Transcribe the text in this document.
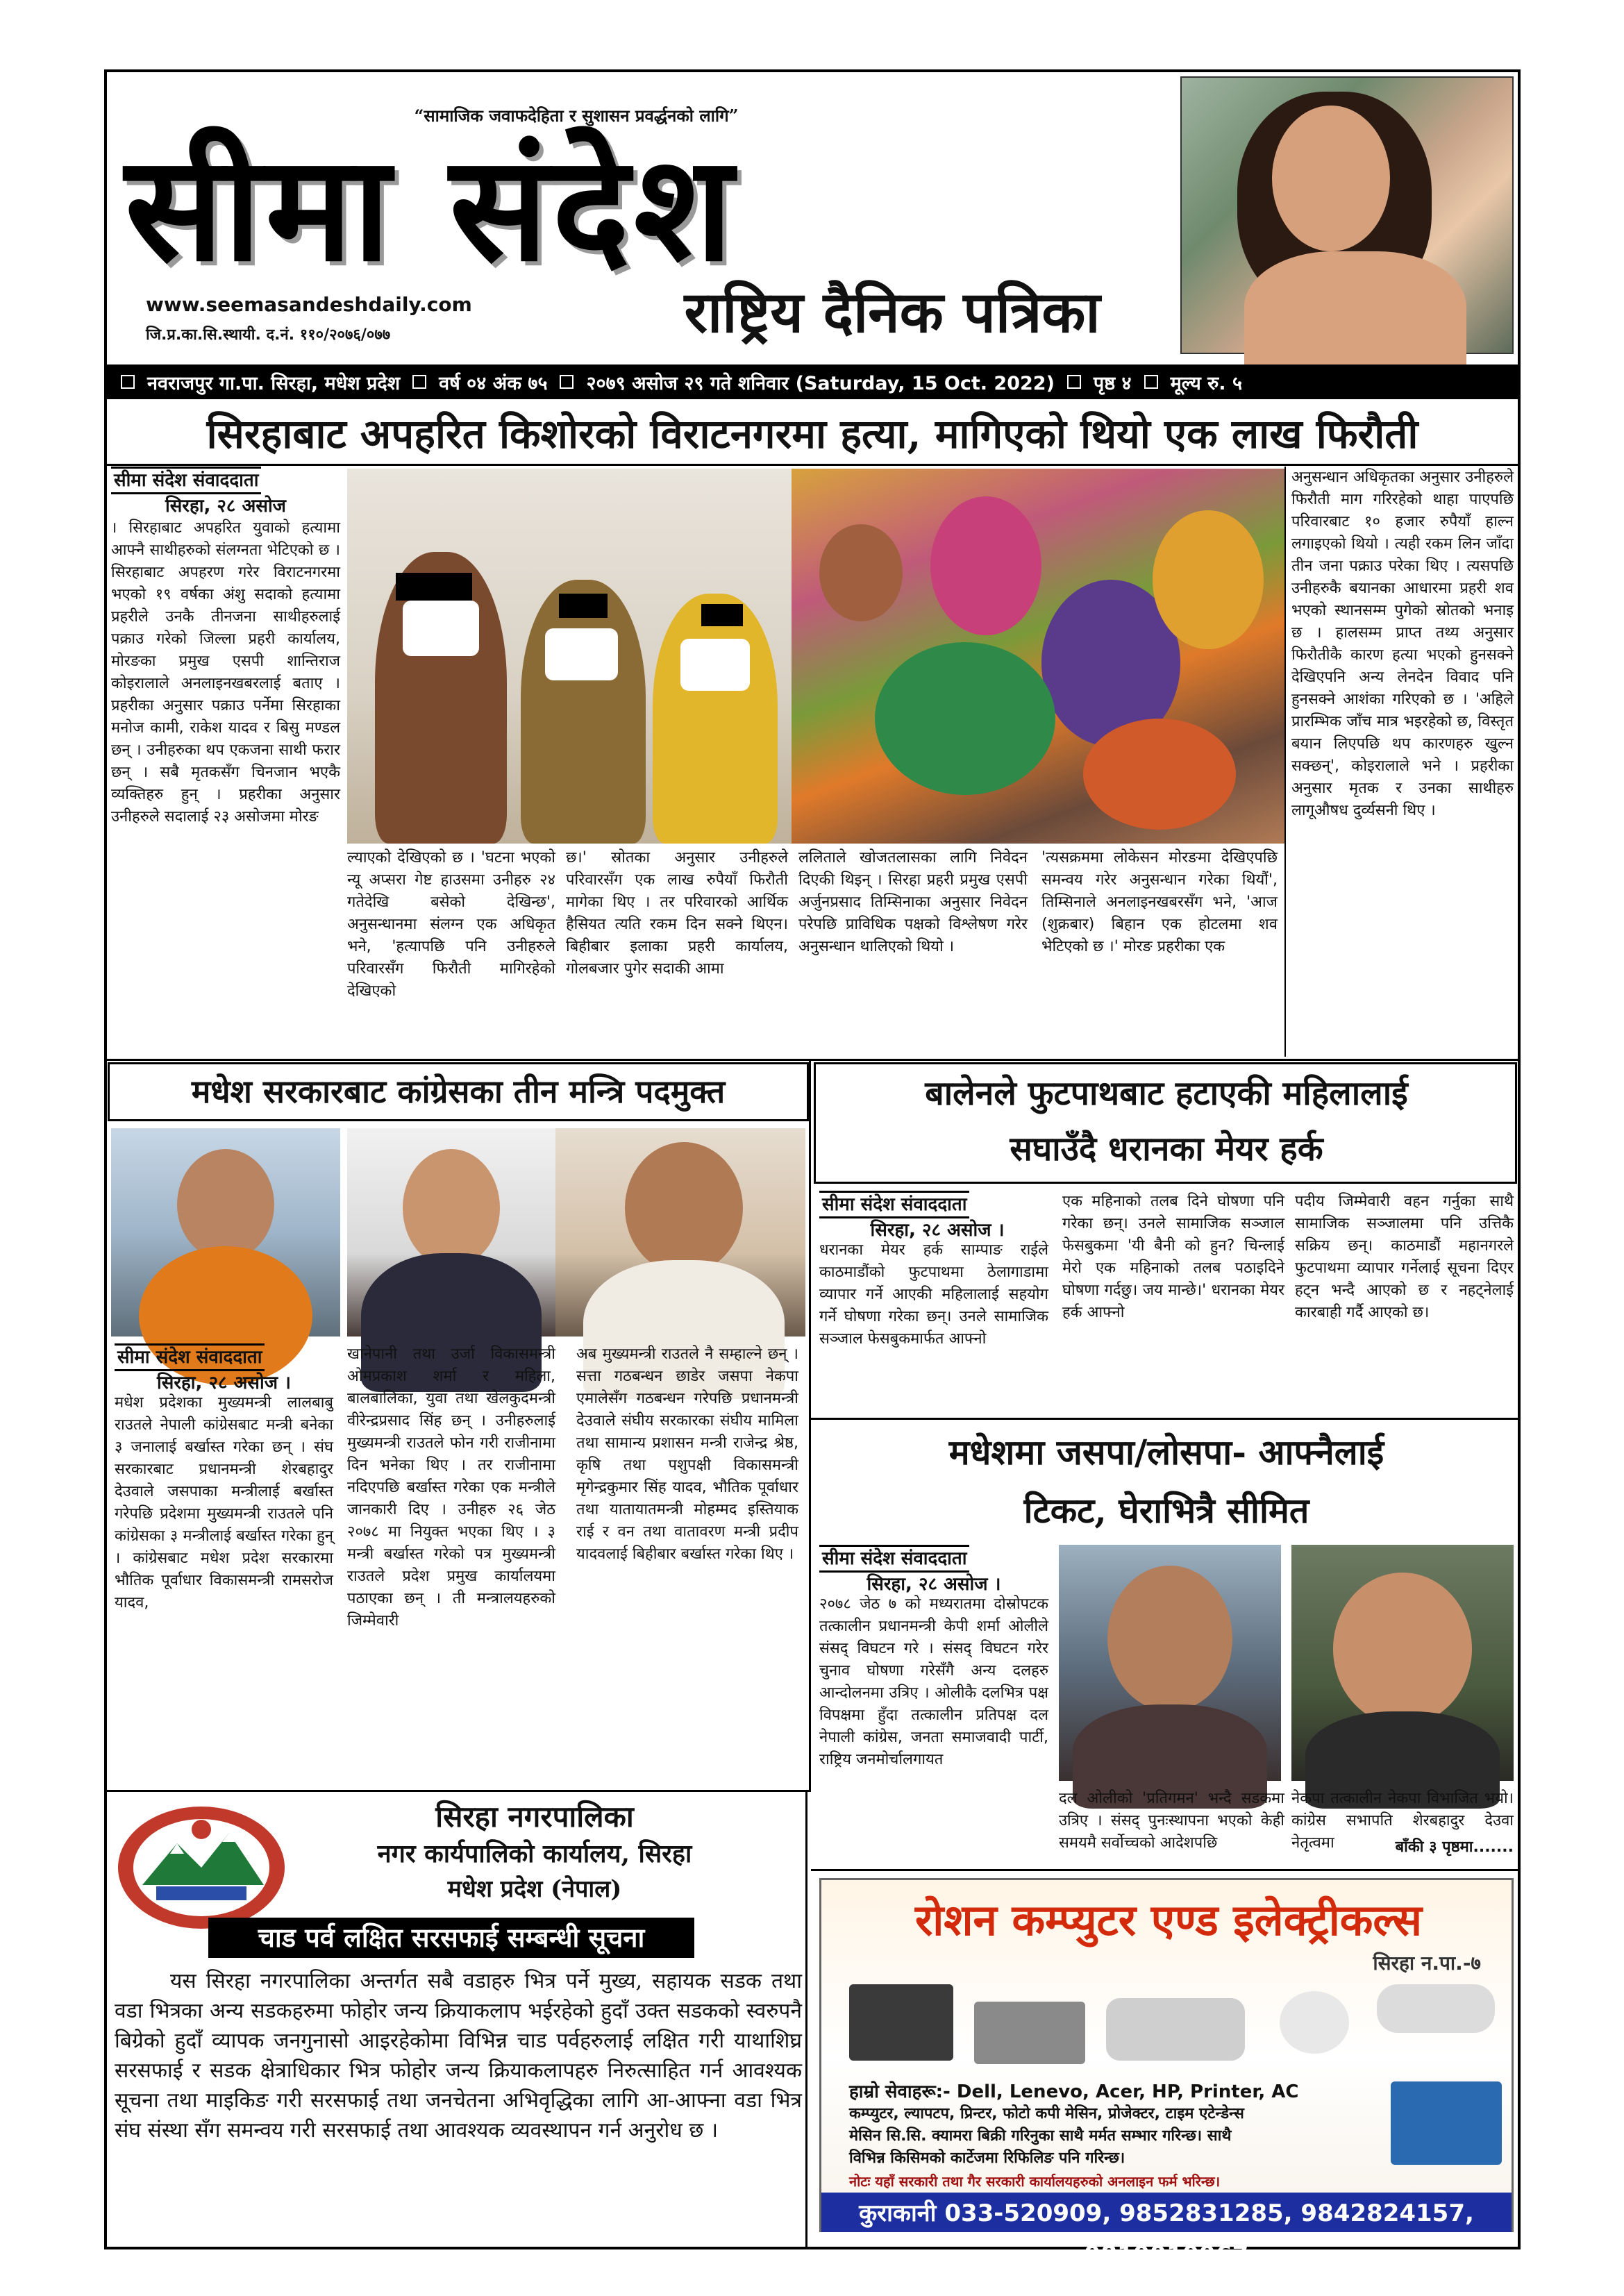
“सामाजिक जवाफदेहिता र सुशासन प्रवर्द्धनको लागि”
सीमा संदेश
www.seemasandeshdaily.com
जि.प्र.का.सि.स्थायी. द.नं. ११०/२०७६/०७७	राष्ट्रिय दैनिक पत्रिका
नवराजपुर गा.पा. सिरहा, मधेश प्रदेश वर्ष ०४ अंक ७५ २०७९ असोज २९ गते शनिवार (Saturday, 15 Oct. 2022) पृष्ठ ४ मूल्य रु. ५
सिरहाबाट अपहरित किशोरको विराटनगरमा हत्या, मागिएको थियो एक लाख फिरौती
सीमा संदेश संवाददाता
सिरहा, २८ असोज
। सिरहाबाट अपहरित युवाको हत्यामा आफ्नै साथीहरुको संलग्नता भेटिएको छ । सिरहाबाट अपहरण गरेर विराटनगरमा भएको १९ वर्षका अंशु सदाको हत्यामा प्रहरीले उनकै तीनजना साथीहरुलाई पक्राउ गरेको जिल्ला प्रहरी कार्यालय, मोरङका प्रमुख एसपी शान्तिराज कोइरालाले अनलाइनखबरलाई बताए । प्रहरीका अनुसार पक्राउ पर्नेमा सिरहाका मनोज कामी, राकेश यादव र बिसु मण्डल छन् । उनीहरुका थप एकजना साथी फरार छन् । सबै मृतकसँग चिनजान भएकै व्यक्तिहरु हुन् । प्रहरीका अनुसार उनीहरुले सदालाई २३ असोजमा मोरङ
ल्याएको देखिएको छ । 'घटना भएको न्यू अप्सरा गेष्ट हाउसमा उनीहरु २४ गतेदेखि बसेको देखिन्छ', अनुसन्धानमा संलग्न एक अधिकृत भने, 'हत्यापछि पनि उनीहरुले परिवारसँग फिरौती मागिरहेको देखिएको
छ।' स्रोतका अनुसार उनीहरुले परिवारसँग एक लाख रुपैयाँ फिरौती मागेका थिए । तर परिवारको आर्थिक हैसियत त्यति रकम दिन सक्ने थिएन। बिहीबार इलाका प्रहरी कार्यालय, गोलबजार पुगेर सदाकी आमा
ललिताले खोजतलासका लागि निवेदन दिएकी थिइन् । सिरहा प्रहरी प्रमुख एसपी अर्जुनप्रसाद तिम्सिनाका अनुसार निवेदन परेपछि प्राविधिक पक्षको विश्लेषण गरेर अनुसन्धान थालिएको थियो ।
'त्यसक्रममा लोकेसन मोरङमा देखिएपछि समन्वय गरेर अनुसन्धान गरेका थियौं', तिम्सिनाले अनलाइनखबरसँग भने, 'आज (शुक्रबार) बिहान एक होटलमा शव भेटिएको छ ।' मोरङ प्रहरीका एक
अनुसन्धान अधिकृतका अनुसार उनीहरुले फिरौती माग गरिरहेको थाहा पाएपछि परिवारबाट १० हजार रुपैयाँ हाल्न लगाइएको थियो । त्यही रकम लिन जाँदा तीन जना पक्राउ परेका थिए । त्यसपछि उनीहरुकै बयानका आधारमा प्रहरी शव भएको स्थानसम्म पुगेको स्रोतको भनाइ छ । हालसम्म प्राप्त तथ्य अनुसार फिरौतीकै कारण हत्या भएको हुनसक्ने देखिएपनि अन्य लेनदेन विवाद पनि हुनसक्ने आशंका गरिएको छ । 'अहिले प्रारम्भिक जाँच मात्र भइरहेको छ, विस्तृत बयान लिएपछि थप कारणहरु खुल्न सक्छन्', कोइरालाले भने । प्रहरीका अनुसार मृतक र उनका साथीहरु लागूऔषध दुर्व्यसनी थिए ।
मधेश सरकारबाट कांग्रेसका तीन मन्त्रि पदमुक्त
सीमा संदेश संवाददाता
सिरहा, २८ असोज ।
मधेश प्रदेशका मुख्यमन्त्री लालबाबु राउतले नेपाली कांग्रेसबाट मन्त्री बनेका ३ जनालाई बर्खास्त गरेका छन् । संघ सरकारबाट प्रधानमन्त्री शेरबहादुर देउवाले जसपाका मन्त्रीलाई बर्खास्त गरेपछि प्रदेशमा मुख्यमन्त्री राउतले पनि कांग्रेसका ३ मन्त्रीलाई बर्खास्त गरेका हुन् । कांग्रेसबाट मधेश प्रदेश सरकारमा भौतिक पूर्वाधार विकासमन्त्री रामसरोज यादव,
खानेपानी तथा उर्जा विकासमन्त्री ओमप्रकाश शर्मा र महिला, बालबालिका, युवा तथा खेलकुदमन्त्री वीरेन्द्रप्रसाद सिंह छन् । उनीहरुलाई मुख्यमन्त्री राउतले फोन गरी राजीनामा दिन भनेका थिए । तर राजीनामा नदिएपछि बर्खास्त गरेका एक मन्त्रीले जानकारी दिए । उनीहरु २६ जेठ २०७८ मा नियुक्त भएका थिए । ३ मन्त्री बर्खास्त गरेको पत्र मुख्यमन्त्री राउतले प्रदेश प्रमुख कार्यालयमा पठाएका छन् । ती मन्त्रालयहरुको जिम्मेवारी
अब मुख्यमन्त्री राउतले नै सम्हाल्ने छन् । सत्ता गठबन्धन छाडेर जसपा नेकपा एमालेसँग गठबन्धन गरेपछि प्रधानमन्त्री देउवाले संघीय सरकारका संघीय मामिला तथा सामान्य प्रशासन मन्त्री राजेन्द्र श्रेष्ठ, कृषि तथा पशुपक्षी विकासमन्त्री मृगेन्द्रकुमार सिंह यादव, भौतिक पूर्वाधार तथा यातायातमन्त्री मोहम्मद इस्तियाक राई र वन तथा वातावरण मन्त्री प्रदीप यादवलाई बिहीबार बर्खास्त गरेका थिए ।
बालेनले फुटपाथबाट हटाएकी महिलालाई
सघाउँदै धरानका मेयर हर्क
सीमा संदेश संवाददाता
सिरहा, २८ असोज ।
धरानका मेयर हर्क साम्पाङ राईले काठमाडौंको फुटपाथमा ठेलागाडामा व्यापार गर्ने आएकी महिलालाई सहयोग गर्ने घोषणा गरेका छन्। उनले सामाजिक सञ्जाल फेसबुकमार्फत आफ्नो
एक महिनाको तलब दिने घोषणा पनि गरेका छन्। उनले सामाजिक सञ्जाल फेसबुकमा 'यी बैनी को हुन? चिन्लाई मेरो एक महिनाको तलब पठाइदिने घोषणा गर्दछु। जय मान्छे।' धरानका मेयर हर्क आफ्नो
पदीय जिम्मेवारी वहन गर्नुका साथै सामाजिक सञ्जालमा पनि उत्तिकै सक्रिय छन्। काठमाडौं महानगरले फुटपाथमा व्यापार गर्नेलाई सूचना दिएर हट्न भन्दै आएको छ र नहट्नेलाई कारबाही गर्दै आएको छ।
मधेशमा जसपा/लोसपा- आफ्नैलाई
टिकट, घेराभित्रै सीमित
सीमा संदेश संवाददाता
सिरहा, २८ असोज ।
२०७८ जेठ ७ को मध्यरातमा दोस्रोपटक तत्कालीन प्रधानमन्त्री केपी शर्मा ओलीले संसद् विघटन गरे । संसद् विघटन गरेर चुनाव घोषणा गरेसँगै अन्य दलहरु आन्दोलनमा उत्रिए । ओलीकै दलभित्र पक्ष विपक्षमा हुँदा तत्कालीन प्रतिपक्ष दल नेपाली कांग्रेस, जनता समाजवादी पार्टी, राष्ट्रिय जनमोर्चालगायत
दल ओलीको 'प्रतिगमन' भन्दै सडकमा उत्रिए । संसद् पुनःस्थापना भएको केही समयमै सर्वोच्चको आदेशपछि
नेकपा तत्कालीन नेकपा विभाजित भयो।कांग्रेस सभापति शेरबहादुर देउवा नेतृत्वमा	बाँकी ३ पृष्ठमा.......
सिरहा नगरपालिका
नगर कार्यपालिको कार्यालय, सिरहा
मधेश प्रदेश (नेपाल)
चाड पर्व लक्षित सरसफाई सम्बन्धी सूचना
यस सिरहा नगरपालिका अन्तर्गत सबै वडाहरु भित्र पर्ने मुख्य, सहायक सडक तथा वडा भित्रका अन्य सडकहरुमा फोहोर जन्य क्रियाकलाप भईरहेको हुदाँ उक्त सडकको स्वरुपनै बिग्रेको हुदाँ व्यापक जनगुनासो आइरहेकोमा विभिन्न चाड पर्वहरुलाई लक्षित गरी याथाशिघ्र सरसफाई र सडक क्षेत्राधिकार भित्र फोहोर जन्य क्रियाकलापहरु निरुत्साहित गर्न आवश्यक सूचना तथा माइकिङ गरी सरसफाई तथा जनचेतना अभिवृद्धिका लागि आ-आफ्ना वडा भित्र संघ संस्था सँग समन्वय गरी सरसफाई तथा आवश्यक व्यवस्थापन गर्न अनुरोध छ ।
रोशन कम्प्युटर एण्ड इलेक्ट्रीकल्स
सिरहा न.पा.-७
हाम्रो सेवाहरू:- Dell, Lenevo, Acer, HP, Printer, AC
कम्प्युटर, ल्यापटप, प्रिन्टर, फोटो कपी मेसिन, प्रोजेक्टर, टाइम एटेन्डेन्स
मेसिन सि.सि. क्यामरा बिक्री गरिनुका साथै मर्मत सम्भार गरिन्छ। साथै
विभिन्न किसिमको कार्टेजमा रिफिलिङ पनि गरिन्छ।
नोटः यहाँ सरकारी तथा गैर सरकारी कार्यालयहरुको अनलाइन फर्म भरिन्छ।
कुराकानी 033-520909, 9852831285, 9842824157, 9819919967
